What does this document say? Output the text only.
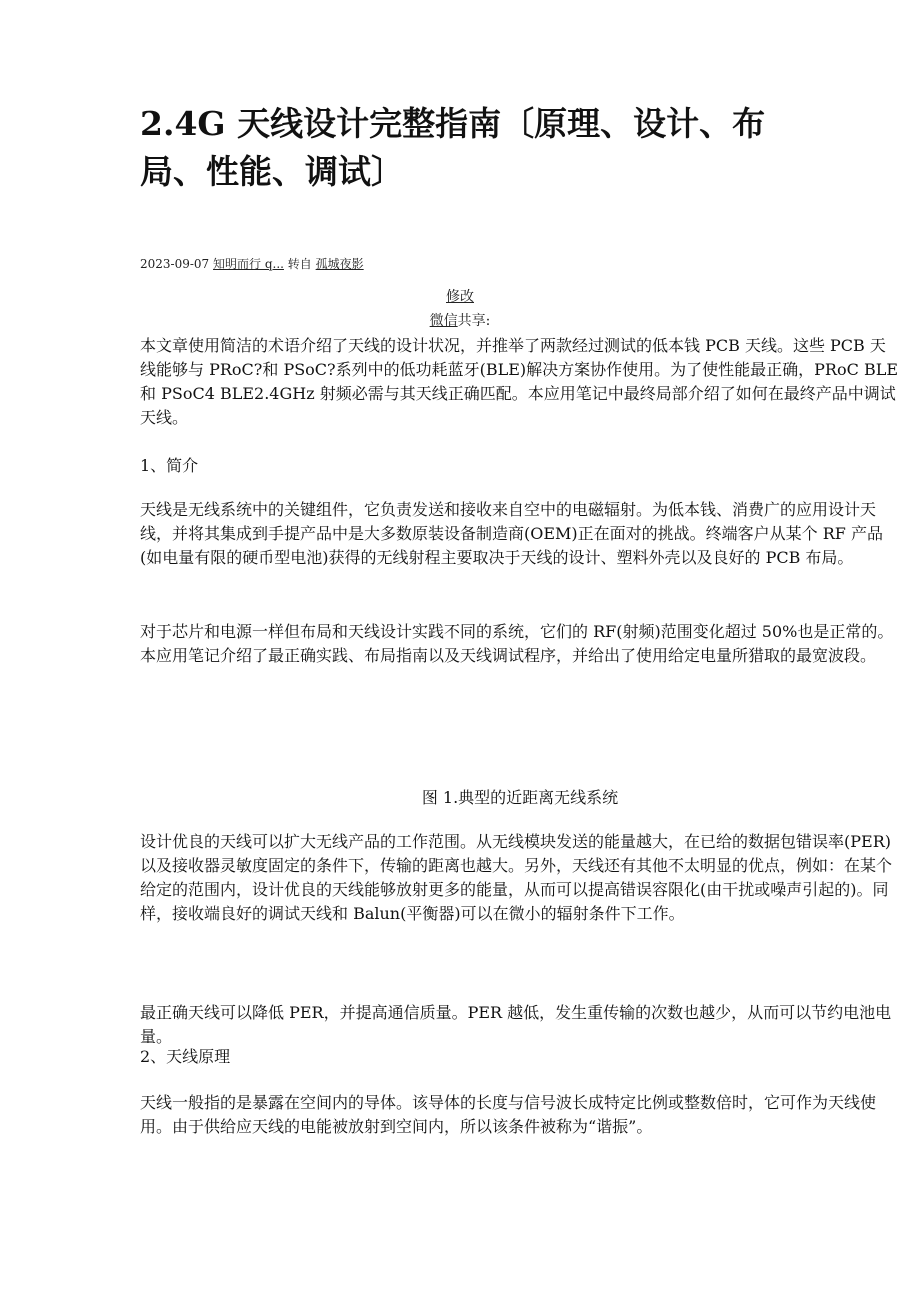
2.4G 天线设计完整指南〔原理、设计、布局、性能、调试〕
2023-09-07 知明而行 q... 转自 孤城夜影
修改
微信共享:

本文章使用简洁的术语介绍了天线的设计状况，并推举了两款经过测试的低本钱 PCB 天线。这些 PCB 天线能够与 PRoC?和 PSoC?系列中的低功耗蓝牙(BLE)解决方案协作使用。为了使性能最正确，PRoC BLE 和 PSoC4 BLE2.4GHz 射频必需与其天线正确匹配。本应用笔记中最终局部介绍了如何在最终产品中调试天线。

1、简介

天线是无线系统中的关键组件，它负责发送和接收来自空中的电磁辐射。为低本钱、消费广的应用设计天线，并将其集成到手提产品中是大多数原装设备制造商(OEM)正在面对的挑战。终端客户从某个 RF 产品(如电量有限的硬币型电池)获得的无线射程主要取决于天线的设计、塑料外壳以及良好的 PCB 布局。

对于芯片和电源一样但布局和天线设计实践不同的系统，它们的 RF(射频)范围变化超过 50%也是正常的。本应用笔记介绍了最正确实践、布局指南以及天线调试程序，并给出了使用给定电量所猎取的最宽波段。

图 1.典型的近距离无线系统

设计优良的天线可以扩大无线产品的工作范围。从无线模块发送的能量越大，在已给的数据包错误率(PER)以及接收器灵敏度固定的条件下，传输的距离也越大。另外，天线还有其他不太明显的优点，例如：在某个给定的范围内，设计优良的天线能够放射更多的能量，从而可以提高错误容限化(由干扰或噪声引起的)。同样，接收端良好的调试天线和 Balun(平衡器)可以在微小的辐射条件下工作。

最正确天线可以降低 PER，并提高通信质量。PER 越低，发生重传输的次数也越少，从而可以节约电池电量。

2、天线原理

天线一般指的是暴露在空间内的导体。该导体的长度与信号波长成特定比例或整数倍时，它可作为天线使用。由于供给应天线的电能被放射到空间内，所以该条件被称为“谐振”。
